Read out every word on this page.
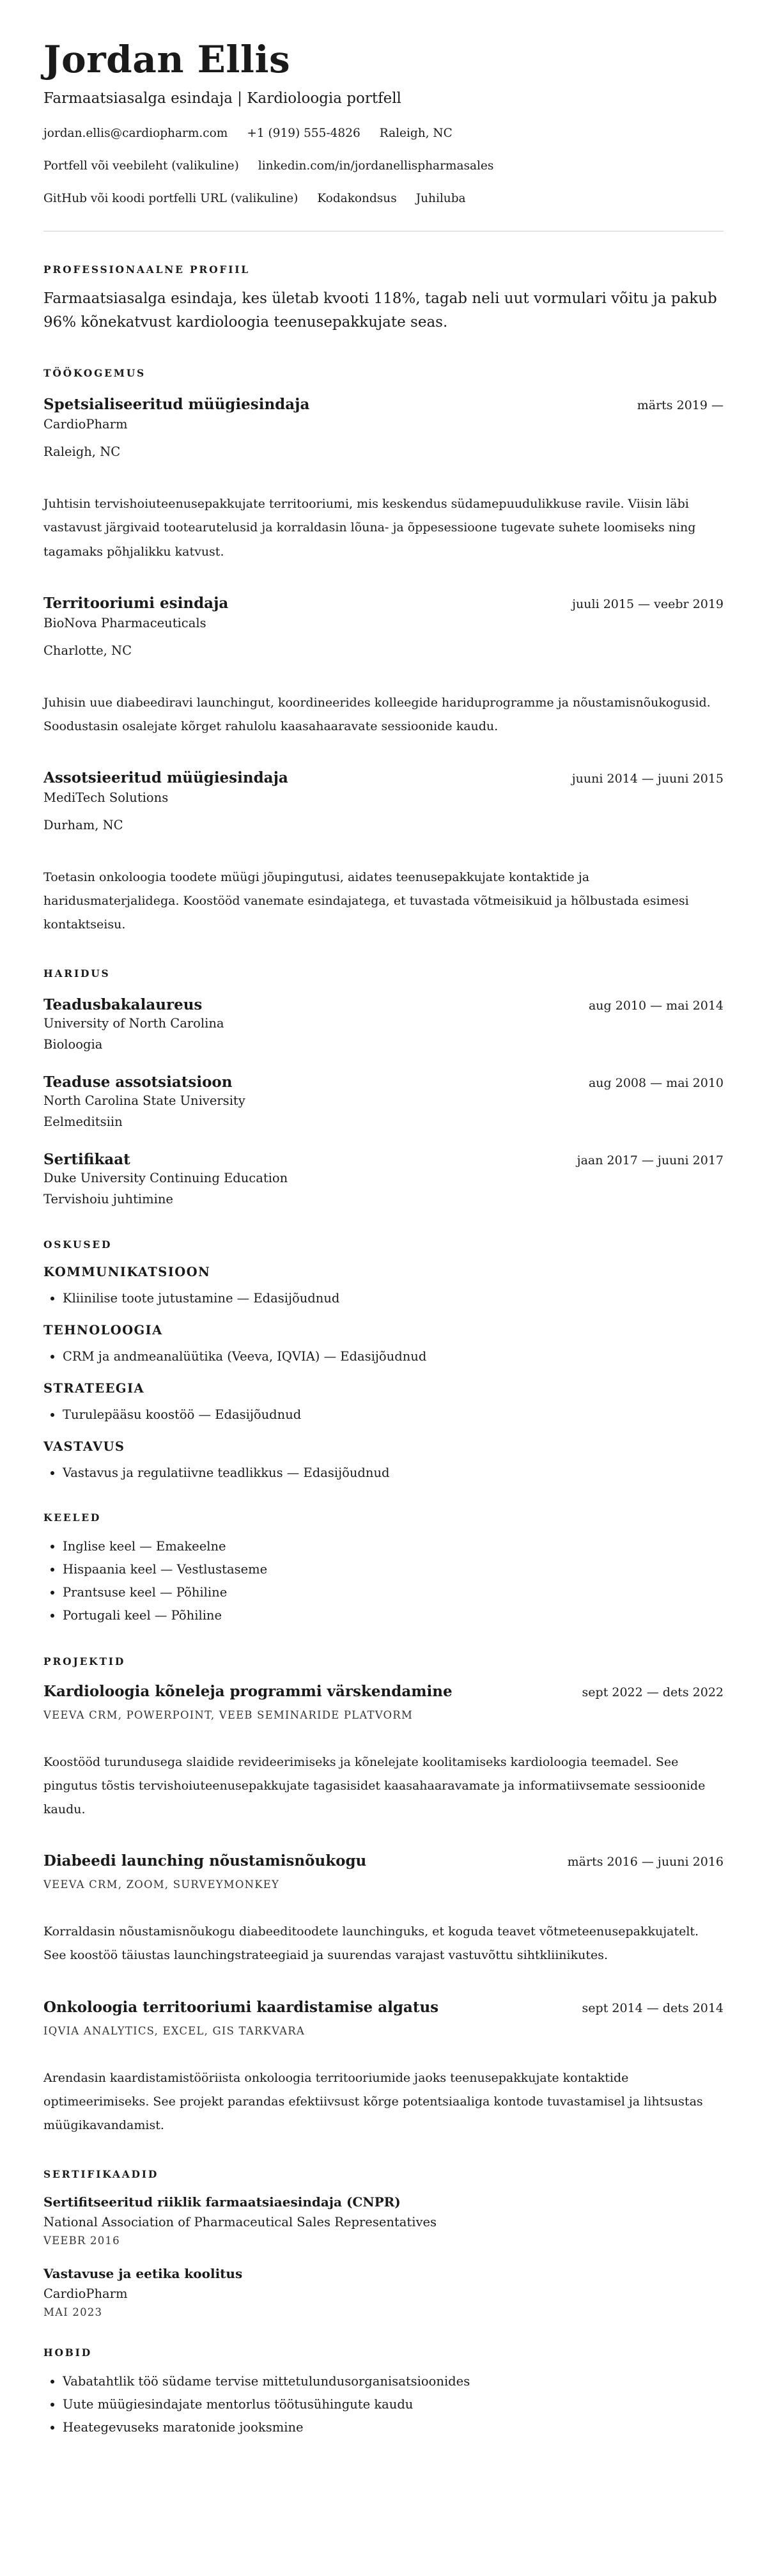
Jordan Ellis
Farmaatsiasalga esindaja | Kardioloogia portfell
jordan.ellis@cardiopharm.com +1 (919) 555-4826 Raleigh, NC
Portfell või veebileht (valikuline) linkedin.com/in/jordanellispharmasales
GitHub või koodi portfelli URL (valikuline) Kodakondsus Juhiluba
PROFESSIONAALNE PROFIIL

Farmaatsiasalga esindaja, kes ületab kvooti 118%, tagab neli uut vormulari võitu ja pakub 96% kõnekatvust kardioloogia teenusepakkujate seas.

TÖÖKOGEMUS
Spetsialiseeritud müügiesindaja	märts 2019 —
CardioPharm
Raleigh, NC

Juhtisin tervishoiuteenusepakkujate territooriumi, mis keskendus südamepuudulikkuse ravile. Viisin läbi vastavust järgivaid tootearutelusid ja korraldasin lõuna- ja õppesessioone tugevate suhete loomiseks ning tagamaks põhjalikku katvust.

Territooriumi esindaja	juuli 2015 — veebr 2019
BioNova Pharmaceuticals
Charlotte, NC

Juhisin uue diabeediravi launchingut, koordineerides kolleegide hariduprogramme ja nõustamisnõukogusid. Soodustasin osalejate kõrget rahulolu kaasahaaravate sessioonide kaudu.

Assotsieeritud müügiesindaja	juuni 2014 — juuni 2015
MediTech Solutions
Durham, NC

Toetasin onkoloogia toodete müügi jõupingutusi, aidates teenusepakkujate kontaktide ja haridusmaterjalidega. Koostööd vanemate esindajatega, et tuvastada võtmeisikuid ja hõlbustada esimesi kontaktseisu.

HARIDUS
Teadusbakalaureus	aug 2010 — mai 2014
University of North Carolina
Bioloogia
Teaduse assotsiatsioon	aug 2008 — mai 2010
North Carolina State University
Eelmeditsiin
Sertifikaat	jaan 2017 — juuni 2017
Duke University Continuing Education
Tervishoiu juhtimine
OSKUSED
KOMMUNIKATSIOON
• Kliinilise toote jutustamine — Edasijõudnud
TEHNOLOOGIA
• CRM ja andmeanalüütika (Veeva, IQVIA) — Edasijõudnud
STRATEEGIA
• Turulepääsu koostöö — Edasijõudnud
VASTAVUS
• Vastavus ja regulatiivne teadlikkus — Edasijõudnud
KEELED
• Inglise keel — Emakeelne
• Hispaania keel — Vestlustaseme
• Prantsuse keel — Põhiline
• Portugali keel — Põhiline
PROJEKTID
Kardioloogia kõneleja programmi värskendamine	sept 2022 — dets 2022
VEEVA CRM, POWERPOINT, VEEB SEMINARIDE PLATVORM

Koostööd turundusega slaidide revideerimiseks ja kõnelejate koolitamiseks kardioloogia teemadel. See pingutus tõstis tervishoiuteenusepakkujate tagasisidet kaasahaaravamate ja informatiivsemate sessioonide kaudu.

Diabeedi launching nõustamisnõukogu	märts 2016 — juuni 2016
VEEVA CRM, ZOOM, SURVEYMONKEY

Korraldasin nõustamisnõukogu diabeeditoodete launchinguks, et koguda teavet võtmeteenusepakkujatelt. See koostöö täiustas launchingstrateegiaid ja suurendas varajast vastuvõttu sihtkliinikutes.

Onkoloogia territooriumi kaardistamise algatus	sept 2014 — dets 2014
IQVIA ANALYTICS, EXCEL, GIS TARKVARA

Arendasin kaardistamistööriista onkoloogia territooriumide jaoks teenusepakkujate kontaktide optimeerimiseks. See projekt parandas efektiivsust kõrge potentsiaaliga kontode tuvastamisel ja lihtsustas müügikavandamist.

SERTIFIKAADID
Sertifitseeritud riiklik farmaatsiaesindaja (CNPR)
National Association of Pharmaceutical Sales Representatives
VEEBR 2016
Vastavuse ja eetika koolitus
CardioPharm
MAI 2023
HOBID
• Vabatahtlik töö südame tervise mittetulundusorganisatsioonides
• Uute müügiesindajate mentorlus töötusühingute kaudu
• Heategevuseks maratonide jooksmine
